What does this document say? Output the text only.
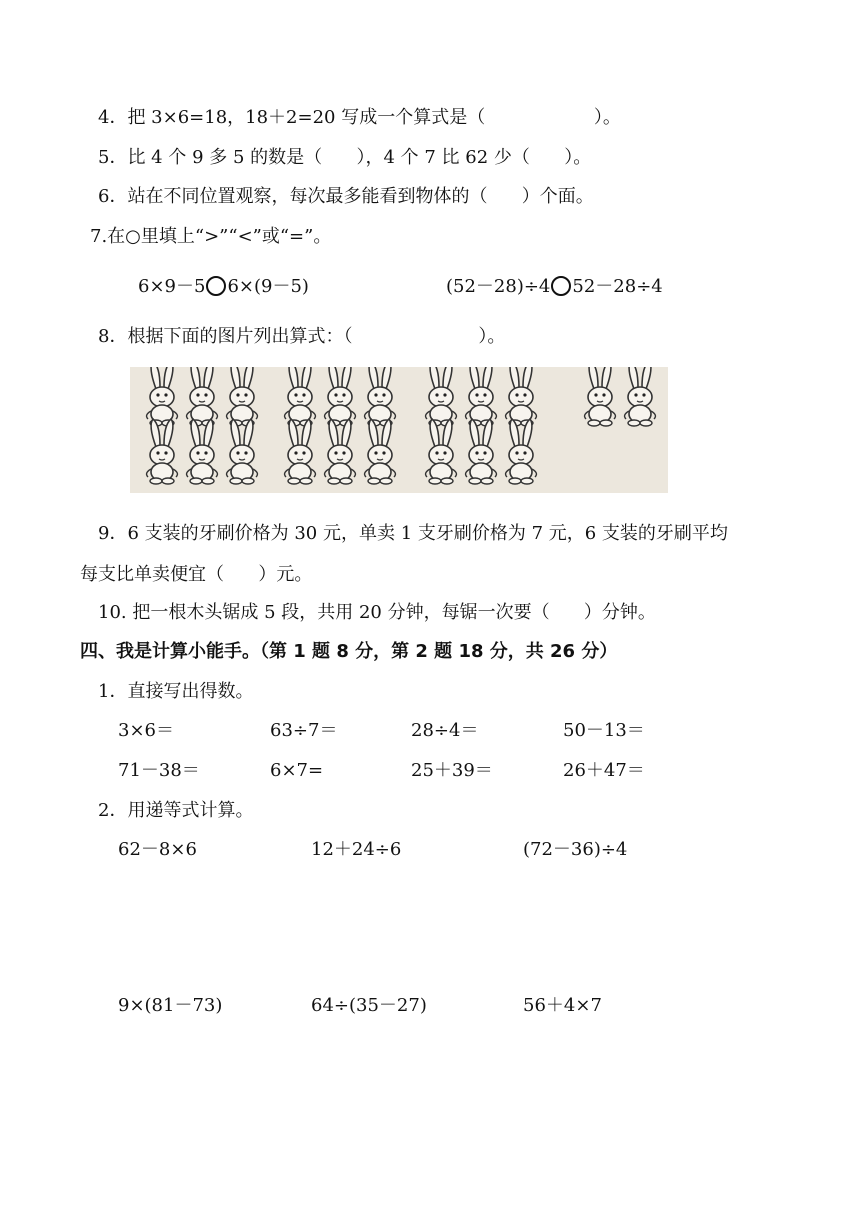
4．把 3×6=18，18＋2=20 写成一个算式是（                   ）。
5．比 4 个 9 多 5 的数是（      ），4 个 7 比 62 少（      ）。
6．站在不同位置观察，每次最多能看到物体的（      ）个面。
7.在○里填上“>”“<”或“=”。
6×9－5 6×(9－5)	(52－28)÷4 52－28÷4
8．根据下面的图片列出算式：（                      ）。
9．6 支装的牙刷价格为 30 元，单卖 1 支牙刷价格为 7 元，6 支装的牙刷平均
每支比单卖便宜（      ）元。
10. 把一根木头锯成 5 段，共用 20 分钟，每锯一次要（      ）分钟。
四、我是计算小能手。（第 1 题 8 分，第 2 题 18 分，共 26 分）
1．直接写出得数。
3×6＝	63÷7＝	28÷4＝	50－13＝
71－38＝	6×7=	25＋39＝	26＋47＝
2．用递等式计算。
62－8×6	12＋24÷6	(72－36)÷4
9×(81－73)	64÷(35－27)	56＋4×7
